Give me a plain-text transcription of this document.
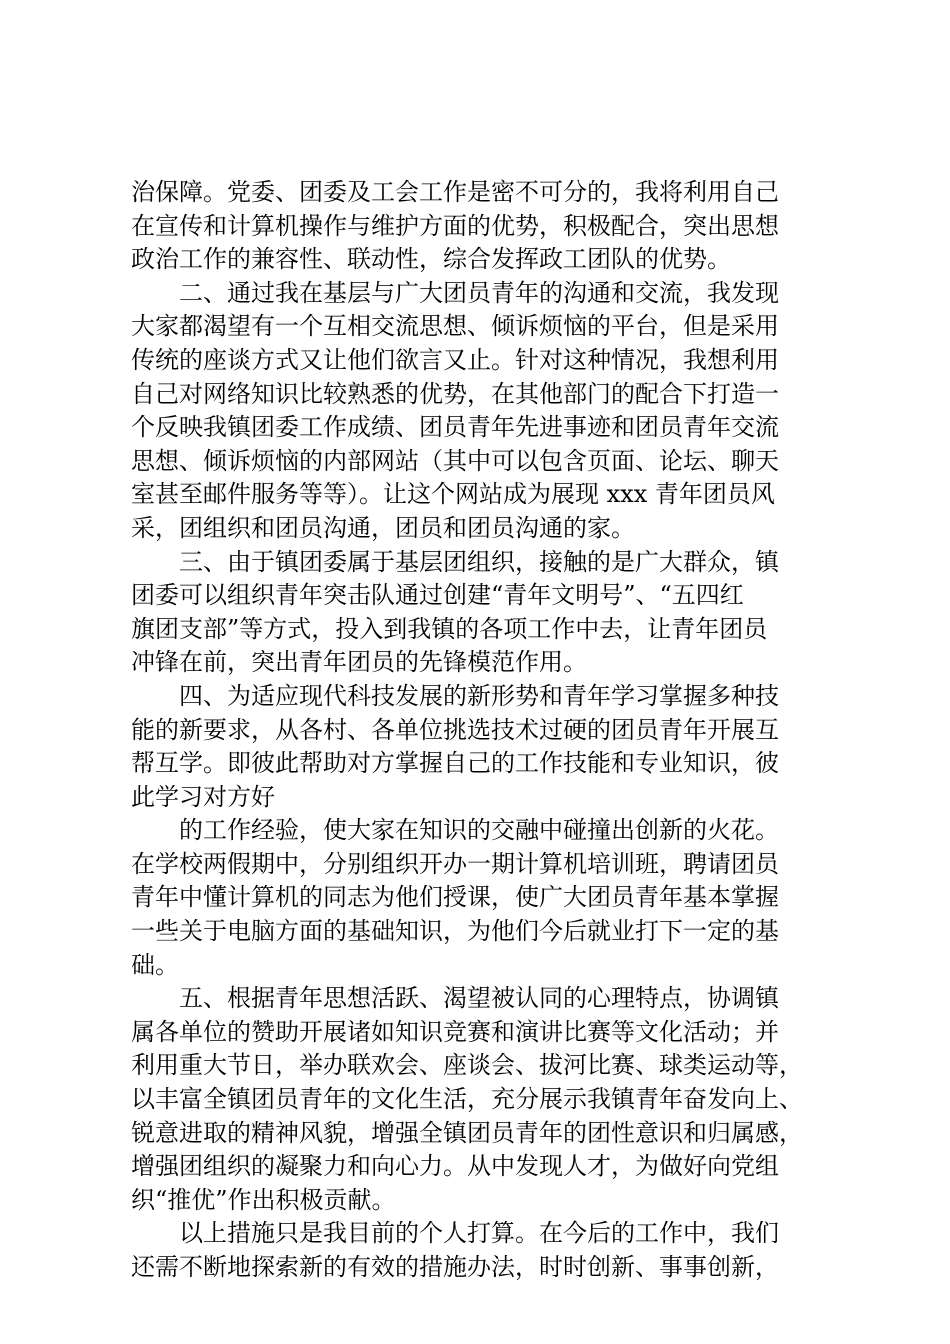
治保障。党委、团委及工会工作是密不可分的，我将利用自己
在宣传和计算机操作与维护方面的优势，积极配合，突出思想
政治工作的兼容性、联动性，综合发挥政工团队的优势。
二、通过我在基层与广大团员青年的沟通和交流，我发现
大家都渴望有一个互相交流思想、倾诉烦恼的平台，但是采用
传统的座谈方式又让他们欲言又止。针对这种情况，我想利用
自己对网络知识比较熟悉的优势，在其他部门的配合下打造一
个反映我镇团委工作成绩、团员青年先进事迹和团员青年交流
思想、倾诉烦恼的内部网站（其中可以包含页面、论坛、聊天
室甚至邮件服务等等）。让这个网站成为展现 xxx 青年团员风
采，团组织和团员沟通，团员和团员沟通的家。
三、由于镇团委属于基层团组织，接触的是广大群众，镇
团委可以组织青年突击队通过创建“青年文明号”、“五四红
旗团支部”等方式，投入到我镇的各项工作中去，让青年团员
冲锋在前，突出青年团员的先锋模范作用。
四、为适应现代科技发展的新形势和青年学习掌握多种技
能的新要求，从各村、各单位挑选技术过硬的团员青年开展互
帮互学。即彼此帮助对方掌握自己的工作技能和专业知识，彼
此学习对方好
的工作经验，使大家在知识的交融中碰撞出创新的火花。
在学校两假期中，分别组织开办一期计算机培训班，聘请团员
青年中懂计算机的同志为他们授课，使广大团员青年基本掌握
一些关于电脑方面的基础知识，为他们今后就业打下一定的基
础。
五、根据青年思想活跃、渴望被认同的心理特点，协调镇
属各单位的赞助开展诸如知识竞赛和演讲比赛等文化活动；并
利用重大节日，举办联欢会、座谈会、拔河比赛、球类运动等，
以丰富全镇团员青年的文化生活，充分展示我镇青年奋发向上、
锐意进取的精神风貌，增强全镇团员青年的团性意识和归属感，
增强团组织的凝聚力和向心力。从中发现人才，为做好向党组
织“推优”作出积极贡献。
以上措施只是我目前的个人打算。在今后的工作中，我们
还需不断地探索新的有效的措施办法，时时创新、事事创新，
